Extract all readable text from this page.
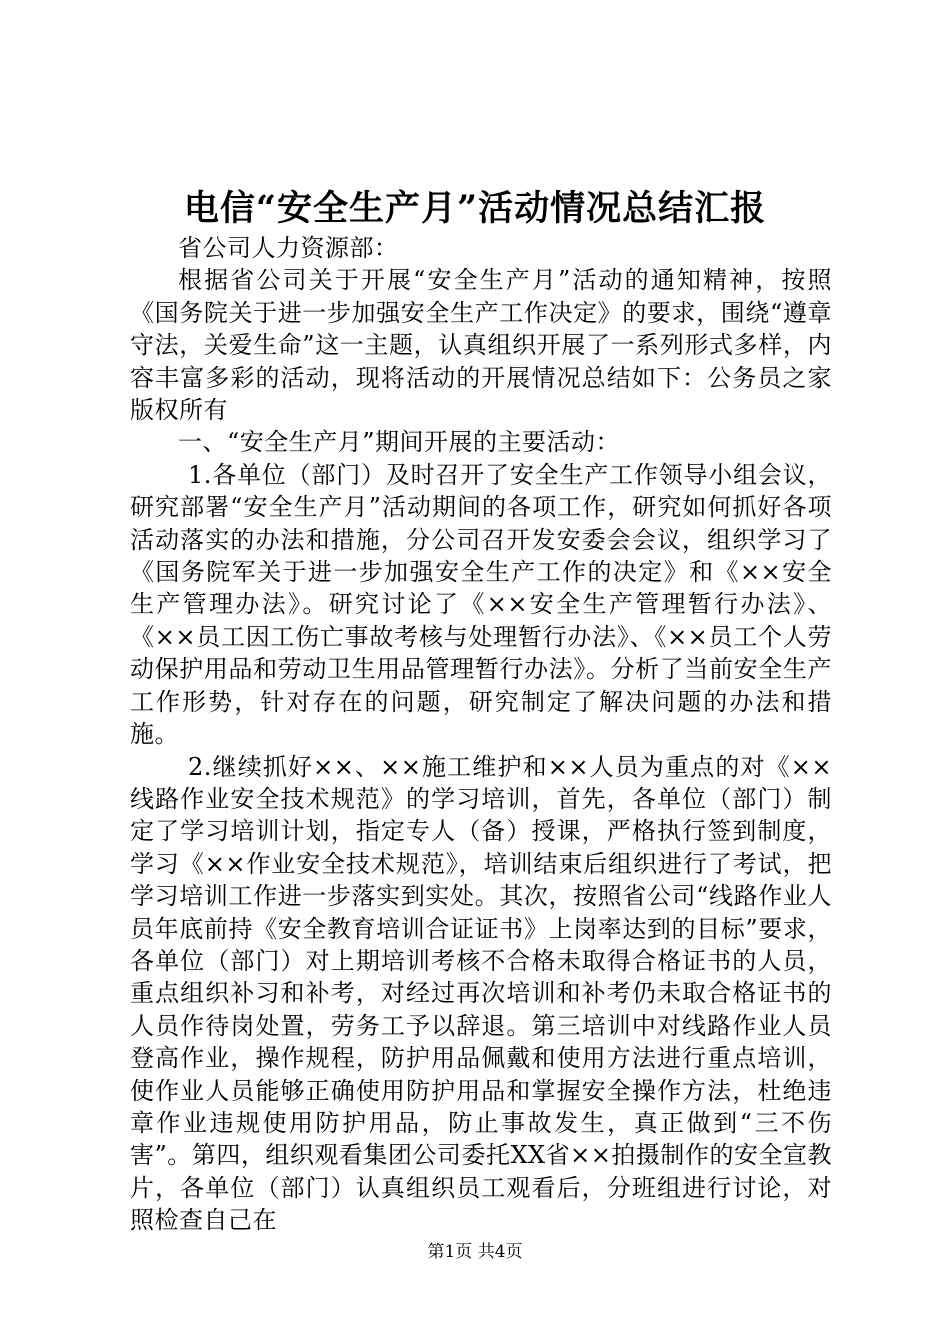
电信“安全生产月”活动情况总结汇报

省公司人力资源部：

根据省公司关于开展“安全生产月”活动的通知精神，按照《国务院关于进一步加强安全生产工作决定》的要求，围绕“遵章守法，关爱生命”这一主题，认真组织开展了一系列形式多样，内容丰富多彩的活动，现将活动的开展情况总结如下：公务员之家版权所有

一、“安全生产月”期间开展的主要活动：

1.各单位（部门）及时召开了安全生产工作领导小组会议，研究部署“安全生产月”活动期间的各项工作，研究如何抓好各项活动落实的办法和措施，分公司召开发安委会会议，组织学习了《国务院军关于进一步加强安全生产工作的决定》和《××安全生产管理办法》。研究讨论了《××安全生产管理暂行办法》、《××员工因工伤亡事故考核与处理暂行办法》、《××员工个人劳动保护用品和劳动卫生用品管理暂行办法》。分析了当前安全生产工作形势，针对存在的问题，研究制定了解决问题的办法和措施。

2.继续抓好××、××施工维护和××人员为重点的对《××线路作业安全技术规范》的学习培训，首先，各单位（部门）制定了学习培训计划，指定专人（备）授课，严格执行签到制度，学习《××作业安全技术规范》，培训结束后组织进行了考试，把学习培训工作进一步落实到实处。其次，按照省公司“线路作业人员年底前持《安全教育培训合证证书》上岗率达到的目标”要求，各单位（部门）对上期培训考核不合格未取得合格证书的人员，重点组织补习和补考，对经过再次培训和补考仍未取合格证书的人员作待岗处置，劳务工予以辞退。第三培训中对线路作业人员登高作业，操作规程，防护用品佩戴和使用方法进行重点培训，使作业人员能够正确使用防护用品和掌握安全操作方法，杜绝违章作业违规使用防护用品，防止事故发生，真正做到“三不伤害”。第四，组织观看集团公司委托XX省××拍摄制作的安全宣教片，各单位（部门）认真组织员工观看后，分班组进行讨论，对照检查自己在

第1页 共4页
